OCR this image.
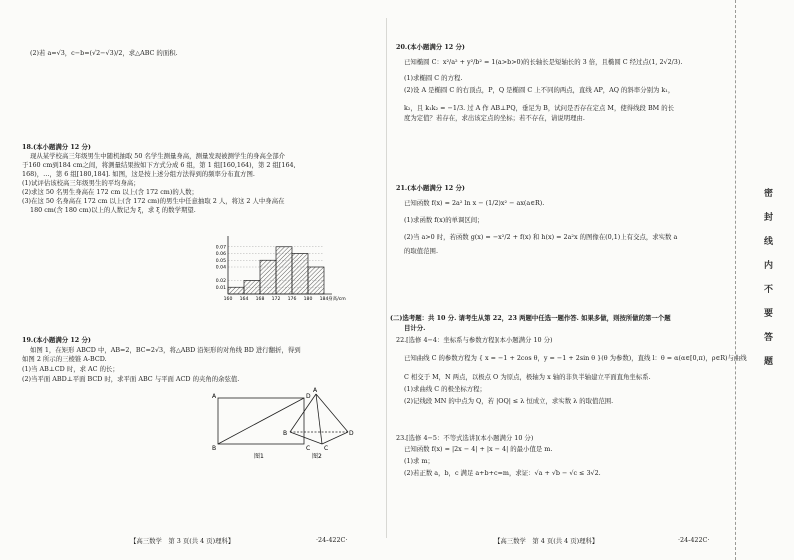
(2)若 a=√3，c−b=(√2−√3)/2，求△ABC 的面积.
18.(本小题满分 12 分)
现从某学校高三年级男生中随机抽取 50 名学生测量身高，测量发现被测学生的身高全部介
于160 cm到184 cm之间，将测量结果按如下方式分成 6 组，第 1 组[160,164)，第 2 组[164,
168)，…，第 6 组[180,184]. 如图，这是按上述分组方法得到的频率分布直方图.
(1)试评估该校高三年级男生的平均身高；
(2)求这 50 名男生身高在 172 cm 以上(含 172 cm)的人数；
(3)在这 50 名身高在 172 cm 以上(含 172 cm)的男生中任意抽取 2 人，将这 2 人中身高在
180 cm(含 180 cm)以上的人数记为 ξ，求 ξ 的数学期望.
0.01
0.02
0.04
0.05
0.06
0.07
160 164 168 172 176 180 184 身高/cm
19.(本小题满分 12 分)
如图 1，在矩形 ABCD 中，AB=2，BC=2√3，将△ABD 沿矩形的对角线 BD 进行翻折，得到
如图 2 所示的三棱锥 A-BCD.
(1)当 AB⊥CD 时，求 AC 的长；
(2)当平面 ABD⊥平面 BCD 时，求平面 ABC 与平面 ACD 的夹角的余弦值.
A	D
B	C
图1
A
B
C
D
图2
【高三数学　第 3 页(共 4 页)理科】	·24-422C·
20.(本小题满分 12 分)
已知椭圆 C：x²/a² + y²/b² = 1(a>b>0)的长轴长是短轴长的 3 倍，且椭圆 C 经过点(1, 2√2/3).
(1)求椭圆 C 的方程.
(2)设 A 是椭圆 C 的右顶点，P，Q 是椭圆 C 上不同的两点，直线 AP，AQ 的斜率分别为 k₁，
k₂，且 k₁k₂ = −1/3. 过 A 作 AB⊥PQ，垂足为 B，试问是否存在定点 M，使得线段 BM 的长
度为定值？若存在，求出该定点的坐标；若不存在，请说明理由.
21.(本小题满分 12 分)
已知函数 f(x) = 2a² ln x − (1/2)x² − ax(a∈R).
(1)求函数 f(x)的单调区间；
(2)当 a>0 时，若函数 g(x) = −x²/2 + f(x) 和 h(x) = 2a²x 的图像在(0,1)上有交点，求实数 a
的取值范围.
(二)选考题：共 10 分. 请考生从第 22，23 两题中任选一题作答. 如果多做，则按所做的第一个题
目计分.
22.[选修 4−4：坐标系与参数方程](本小题满分 10 分)
已知曲线 C 的参数方程为 { x = −1 + 2cos θ，y = −1 + 2sin θ }(θ 为参数)，直线 l：θ = α(α∈[0,π)，ρ∈R)与曲线
C 相交于 M，N 两点，以极点 O 为原点，极轴为 x 轴的非负半轴建立平面直角坐标系.
(1)求曲线 C 的极坐标方程；
(2)记线段 MN 的中点为 Q，若 |OQ| ≤ λ 恒成立，求实数 λ 的取值范围.
23.[选修 4−5：不等式选讲](本小题满分 10 分)
已知函数 f(x) = |2x − 4| + |x − 4| 的最小值是 m.
(1)求 m；
(2)若正数 a，b，c 满足 a+b+c=m，求证：√a + √b − √c ≤ 3√2.
【高三数学　第 4 页(共 4 页)理科】	·24-422C·
密
封
线
内
不
要
答
题
